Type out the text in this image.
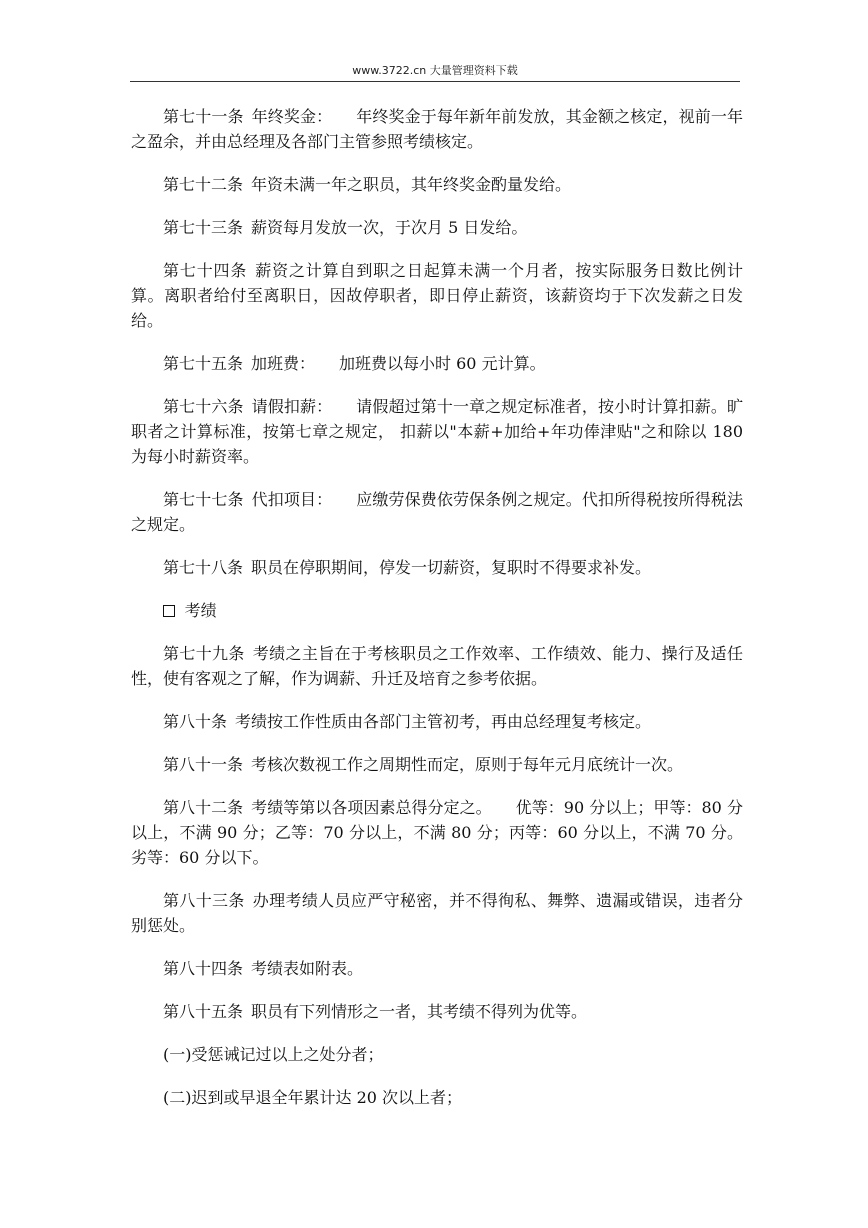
www.3722.cn 大量管理资料下载

第七十一条 年终奖金： 年终奖金于每年新年前发放，其金额之核定，视前一年之盈余，并由总经理及各部门主管参照考绩核定。

第七十二条 年资未满一年之职员，其年终奖金酌量发给。

第七十三条 薪资每月发放一次，于次月 5 日发给。

第七十四条 薪资之计算自到职之日起算未满一个月者，按实际服务日数比例计算。离职者给付至离职日，因故停职者，即日停止薪资，该薪资均于下次发薪之日发给。

第七十五条 加班费： 加班费以每小时 60 元计算。

第七十六条 请假扣薪： 请假超过第十一章之规定标准者，按小时计算扣薪。旷职者之计算标准，按第七章之规定， 扣薪以"本薪+加给+年功俸津贴"之和除以 180 为每小时薪资率。

第七十七条 代扣项目： 应缴劳保费依劳保条例之规定。代扣所得税按所得税法之规定。

第七十八条 职员在停职期间，停发一切薪资，复职时不得要求补发。

考绩

第七十九条 考绩之主旨在于考核职员之工作效率、工作绩效、能力、操行及适任性，使有客观之了解，作为调薪、升迁及培育之参考依据。

第八十条 考绩按工作性质由各部门主管初考，再由总经理复考核定。

第八十一条 考核次数视工作之周期性而定，原则于每年元月底统计一次。

第八十二条 考绩等第以各项因素总得分定之。　　优等：90 分以上；甲等：80 分以上，不满 90 分；乙等：70 分以上，不满 80 分；丙等：60 分以上，不满 70 分。劣等：60 分以下。

第八十三条 办理考绩人员应严守秘密，并不得徇私、舞弊、遗漏或错误，违者分别惩处。

第八十四条 考绩表如附表。

第八十五条 职员有下列情形之一者，其考绩不得列为优等。

(一)受惩诫记过以上之处分者；

(二)迟到或早退全年累计达 20 次以上者；
